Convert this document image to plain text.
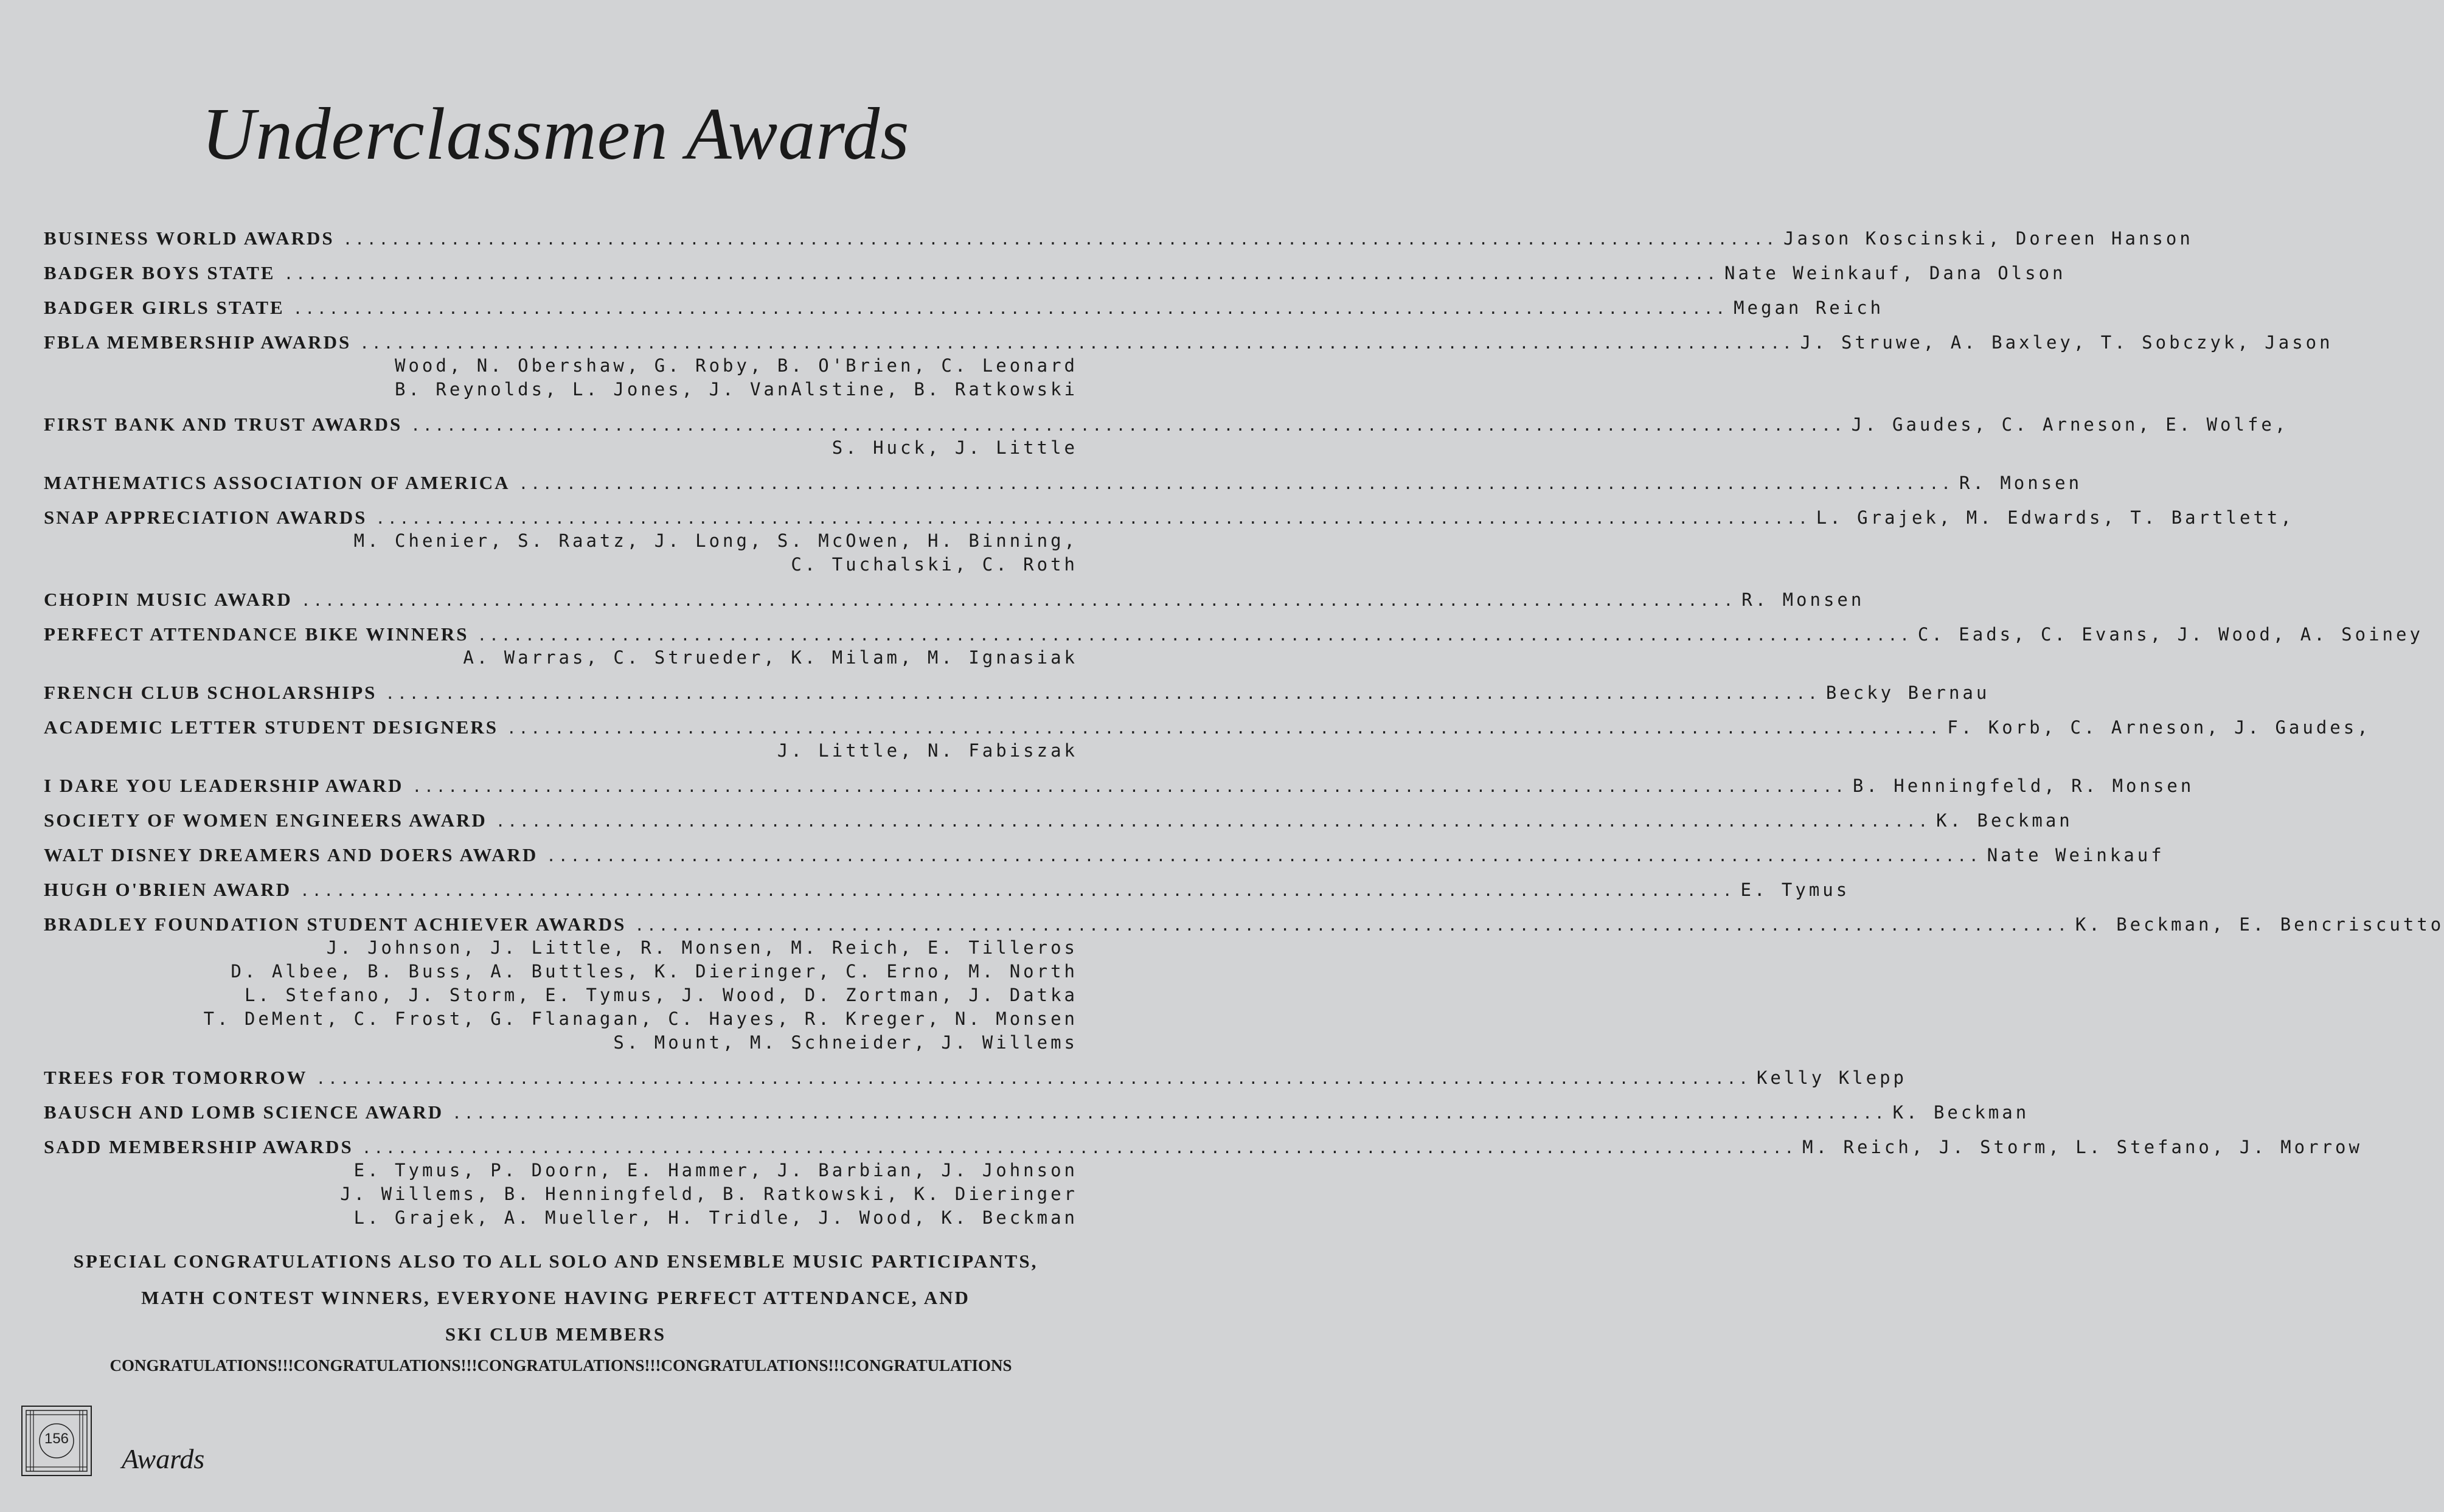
Underclassmen Awards
BUSINESS WORLD AWARDS ........................................................................................................................ Jason Koscinski, Doreen Hanson
BADGER BOYS STATE ........................................................................................................................ Nate Weinkauf, Dana Olson
BADGER GIRLS STATE ........................................................................................................................ Megan Reich
FBLA MEMBERSHIP AWARDS ........................................................................................................................ J. Struwe, A. Baxley, T. Sobczyk, Jason
Wood, N. Obershaw, G. Roby, B. O'Brien, C. Leonard
B. Reynolds, L. Jones, J. VanAlstine, B. Ratkowski
FIRST BANK AND TRUST AWARDS ........................................................................................................................ J. Gaudes, C. Arneson, E. Wolfe,
S. Huck, J. Little
MATHEMATICS ASSOCIATION OF AMERICA ........................................................................................................................ R. Monsen
SNAP APPRECIATION AWARDS ........................................................................................................................ L. Grajek, M. Edwards, T. Bartlett,
M. Chenier, S. Raatz, J. Long, S. McOwen, H. Binning,
C. Tuchalski, C. Roth
CHOPIN MUSIC AWARD ........................................................................................................................ R. Monsen
PERFECT ATTENDANCE BIKE WINNERS ........................................................................................................................ C. Eads, C. Evans, J. Wood, A. Soiney
A. Warras, C. Strueder, K. Milam, M. Ignasiak
FRENCH CLUB SCHOLARSHIPS ........................................................................................................................ Becky Bernau
ACADEMIC LETTER STUDENT DESIGNERS ........................................................................................................................ F. Korb, C. Arneson, J. Gaudes,
J. Little, N. Fabiszak
I DARE YOU LEADERSHIP AWARD ........................................................................................................................ B. Henningfeld, R. Monsen
SOCIETY OF WOMEN ENGINEERS AWARD ........................................................................................................................ K. Beckman
WALT DISNEY DREAMERS AND DOERS AWARD ........................................................................................................................ Nate Weinkauf
HUGH O'BRIEN AWARD ........................................................................................................................ E. Tymus
BRADLEY FOUNDATION STUDENT ACHIEVER AWARDS ........................................................................................................................ K. Beckman, E. Bencriscutto
J. Johnson, J. Little, R. Monsen, M. Reich, E. Tilleros
D. Albee, B. Buss, A. Buttles, K. Dieringer, C. Erno, M. North
L. Stefano, J. Storm, E. Tymus, J. Wood, D. Zortman, J. Datka
T. DeMent, C. Frost, G. Flanagan, C. Hayes, R. Kreger, N. Monsen
S. Mount, M. Schneider, J. Willems
TREES FOR TOMORROW ........................................................................................................................ Kelly Klepp
BAUSCH AND LOMB SCIENCE AWARD ........................................................................................................................ K. Beckman
SADD MEMBERSHIP AWARDS ........................................................................................................................ M. Reich, J. Storm, L. Stefano, J. Morrow
E. Tymus, P. Doorn, E. Hammer, J. Barbian, J. Johnson
J. Willems, B. Henningfeld, B. Ratkowski, K. Dieringer
L. Grajek, A. Mueller, H. Tridle, J. Wood, K. Beckman
SPECIAL CONGRATULATIONS ALSO TO ALL SOLO AND ENSEMBLE MUSIC PARTICIPANTS,
MATH CONTEST WINNERS, EVERYONE HAVING PERFECT ATTENDANCE, AND
SKI CLUB MEMBERS
CONGRATULATIONS!!!CONGRATULATIONS!!!CONGRATULATIONS!!!CONGRATULATIONS!!!CONGRATULATIONS
156
Awards
